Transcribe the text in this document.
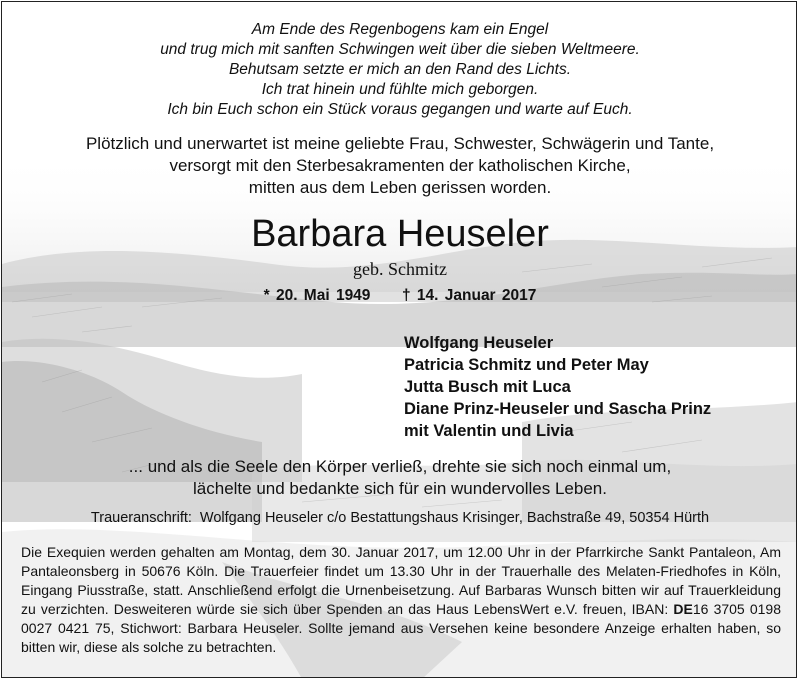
Am Ende des Regenbogens kam ein Engel
und trug mich mit sanften Schwingen weit über die sieben Weltmeere.
Behutsam setzte er mich an den Rand des Lichts.
Ich trat hinein und fühlte mich geborgen.
Ich bin Euch schon ein Stück voraus gegangen und warte auf Euch.
Plötzlich und unerwartet ist meine geliebte Frau, Schwester, Schwägerin und Tante,
versorgt mit den Sterbesakramenten der katholischen Kirche,
mitten aus dem Leben gerissen worden.
Barbara Heuseler
geb. Schmitz
* 20. Mai 1949 † 14. Januar 2017
Wolfgang Heuseler
Patricia Schmitz und Peter May
Jutta Busch mit Luca
Diane Prinz-Heuseler und Sascha Prinz
mit Valentin und Livia
... und als die Seele den Körper verließ, drehte sie sich noch einmal um,
lächelte und bedankte sich für ein wundervolles Leben.
Traueranschrift: Wolfgang Heuseler c/o Bestattungshaus Krisinger, Bachstraße 49, 50354 Hürth
Die Exequien werden gehalten am Montag, dem 30. Januar 2017, um 12.00 Uhr in der Pfarrkirche Sankt Pantaleon, Am Pantaleonsberg in 50676 Köln. Die Trauerfeier findet um 13.30 Uhr in der Trauerhalle des Melaten-Friedhofes in Köln, Eingang Piusstraße, statt. Anschließend erfolgt die Urnenbeisetzung. Auf Barbaras Wunsch bitten wir auf Trauerkleidung zu verzichten. Desweiteren würde sie sich über Spenden an das Haus LebensWert e.V. freuen, IBAN: DE16 3705 0198 0027 0421 75, Stichwort: Barbara Heuseler. Sollte jemand aus Versehen keine besondere Anzeige erhalten haben, so bitten wir, diese als solche zu betrachten.
